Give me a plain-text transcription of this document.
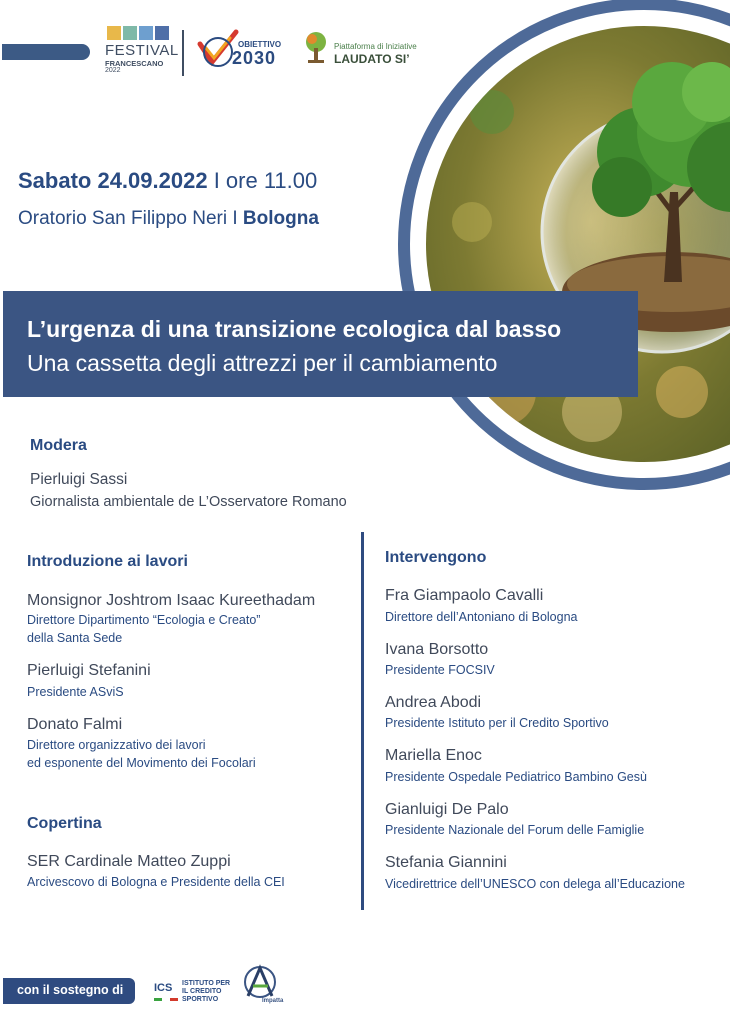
FESTIVAL
FRANCESCANO
2022
OBIETTIVO
2030
Piattaforma di Iniziative
LAUDATO SI’
Sabato 24.09.2022 I ore 11.00
Oratorio San Filippo Neri I Bologna
L’urgenza di una transizione ecologica dal basso
Una cassetta degli attrezzi per il cambiamento
Modera
Pierluigi Sassi
Giornalista ambientale de L’Osservatore Romano
Introduzione ai lavori
Monsignor Joshtrom Isaac Kureethadam
Direttore Dipartimento “Ecologia e Creato”
della Santa Sede
Pierluigi Stefanini
Presidente ASviS
Donato Falmi
Direttore organizzativo dei lavori
ed esponente del Movimento dei Focolari
Copertina
SER Cardinale Matteo Zuppi
Arcivescovo di Bologna e Presidente della CEI
Intervengono
Fra Giampaolo Cavalli
Direttore dell’Antoniano di Bologna
Ivana Borsotto
Presidente FOCSIV
Andrea Abodi
Presidente Istituto per il Credito Sportivo
Mariella Enoc
Presidente Ospedale Pediatrico Bambino Gesù
Gianluigi De Palo
Presidente Nazionale del Forum delle Famiglie
Stefania Giannini
Vicedirettrice dell’UNESCO con delega all’Educazione
con il sostegno di	ICS ISTITUTO PER
IL CREDITO
SPORTIVO	Impatta
